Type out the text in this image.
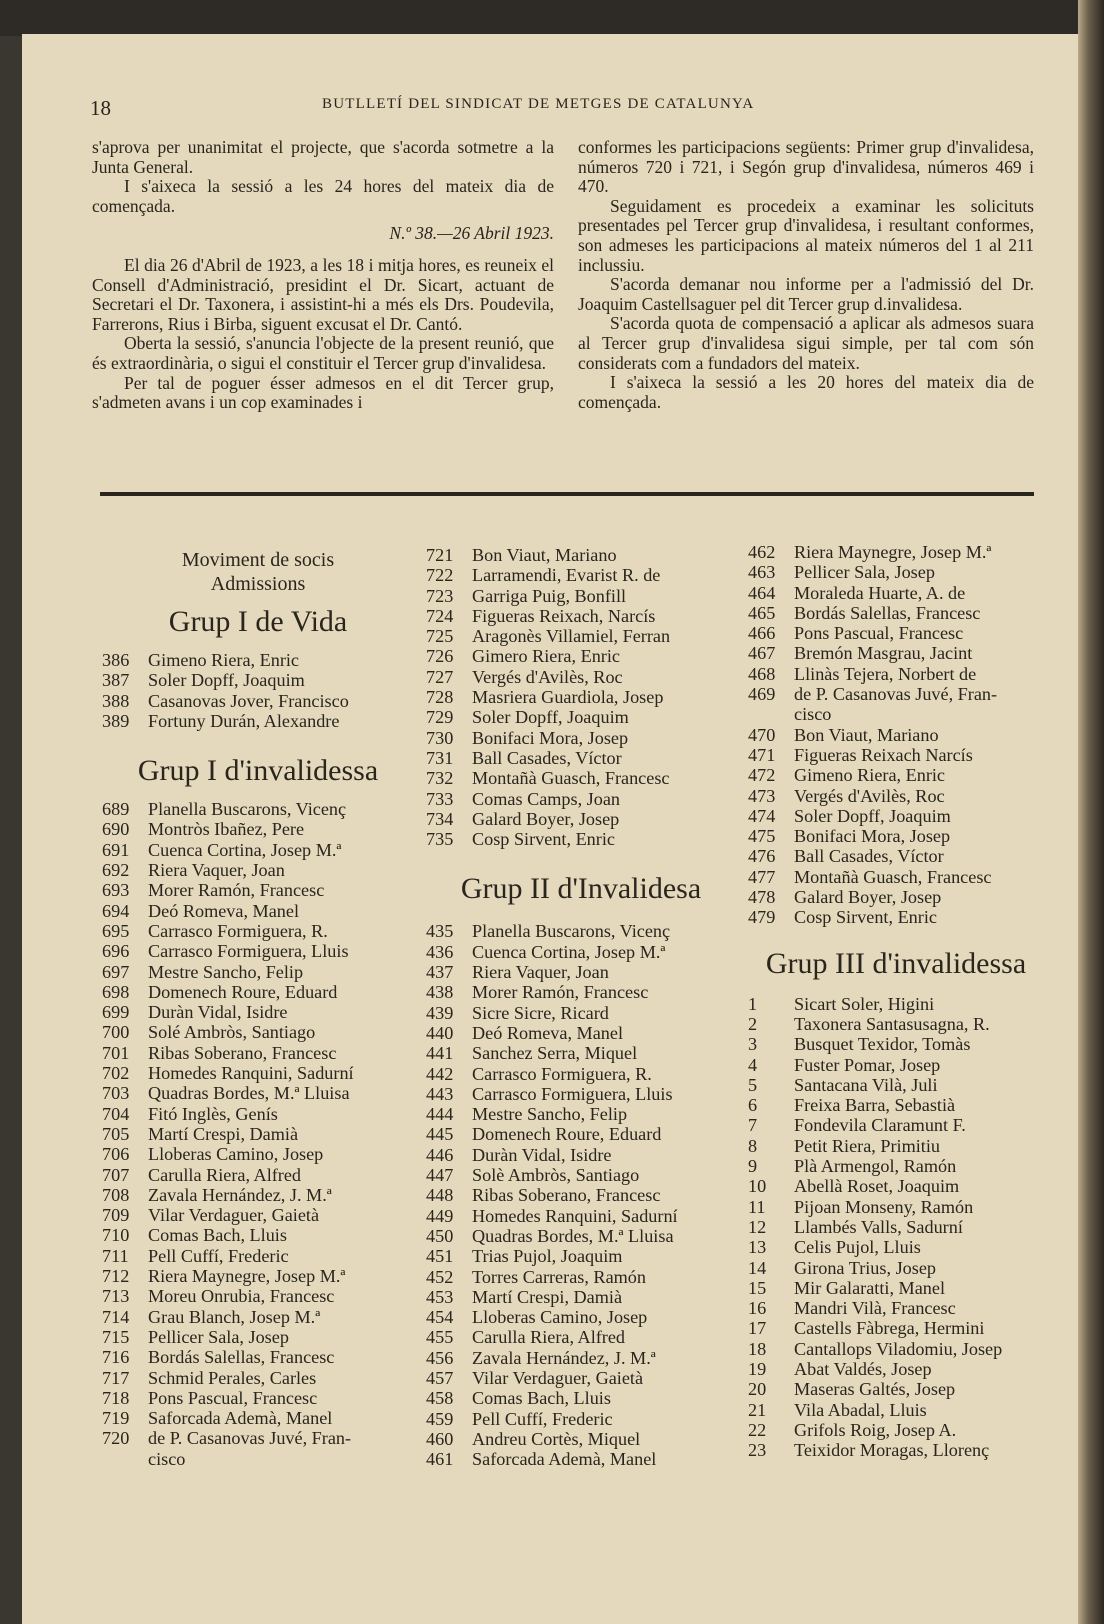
18	BUTLLETÍ DEL SINDICAT DE METGES DE CATALUNYA

s'aprova per unanimitat el projecte, que s'acorda sotmetre a la Junta General.

I s'aixeca la sessió a les 24 hores del mateix dia de començada.

N.º 38.—26 Abril 1923.

El dia 26 d'Abril de 1923, a les 18 i mitja hores, es reuneix el Consell d'Administració, presidint el Dr. Sicart, actuant de Secretari el Dr. Taxonera, i assistint-hi a més els Drs. Poudevila, Farrerons, Rius i Birba, siguent excusat el Dr. Cantó.

Oberta la sessió, s'anuncia l'objecte de la present reunió, que és extraordinària, o sigui el constituir el Tercer grup d'invalidesa.

Per tal de poguer ésser admesos en el dit Tercer grup, s'admeten avans i un cop examinades i

conformes les participacions següents: Primer grup d'invalidesa, números 720 i 721, i Segón grup d'invalidesa, números 469 i 470.

Seguidament es procedeix a examinar les solicituts presentades pel Tercer grup d'invalidesa, i resultant conformes, son admeses les participacions al mateix números del 1 al 211 inclussiu.

S'acorda demanar nou informe per a l'admissió del Dr. Joaquim Castellsaguer pel dit Tercer grup d.invalidesa.

S'acorda quota de compensació a aplicar als admesos suara al Tercer grup d'invalidesa sigui simple, per tal com són considerats com a fundadors del mateix.

I s'aixeca la sessió a les 20 hores del mateix dia de començada.

Moviment de socis
Admissions
Grup I de Vida
386	Gimeno Riera, Enric
387	Soler Dopff, Joaquim
388	Casanovas Jover, Francisco
389	Fortuny Durán, Alexandre
Grup I d'invalidessa
689	Planella Buscarons, Vicenç
690	Montròs Ibañez, Pere
691	Cuenca Cortina, Josep M.ª
692	Riera Vaquer, Joan
693	Morer Ramón, Francesc
694	Deó Romeva, Manel
695	Carrasco Formiguera, R.
696	Carrasco Formiguera, Lluis
697	Mestre Sancho, Felip
698	Domenech Roure, Eduard
699	Duràn Vidal, Isidre
700	Solé Ambròs, Santiago
701	Ribas Soberano, Francesc
702	Homedes Ranquini, Sadurní
703	Quadras Bordes, M.ª Lluisa
704	Fitó Inglès, Genís
705	Martí Crespi, Damià
706	Lloberas Camino, Josep
707	Carulla Riera, Alfred
708	Zavala Hernández, J. M.ª
709	Vilar Verdaguer, Gaietà
710	Comas Bach, Lluis
711	Pell Cuffí, Frederic
712	Riera Maynegre, Josep M.ª
713	Moreu Onrubia, Francesc
714	Grau Blanch, Josep M.ª
715	Pellicer Sala, Josep
716	Bordás Salellas, Francesc
717	Schmid Perales, Carles
718	Pons Pascual, Francesc
719	Saforcada Ademà, Manel
720	de P. Casanovas Juvé, Fran-
cisco
721	Bon Viaut, Mariano
722	Larramendi, Evarist R. de
723	Garriga Puig, Bonfill
724	Figueras Reixach, Narcís
725	Aragonès Villamiel, Ferran
726	Gimero Riera, Enric
727	Vergés d'Avilès, Roc
728	Masriera Guardiola, Josep
729	Soler Dopff, Joaquim
730	Bonifaci Mora, Josep
731	Ball Casades, Víctor
732	Montañà Guasch, Francesc
733	Comas Camps, Joan
734	Galard Boyer, Josep
735	Cosp Sirvent, Enric
Grup II d'Invalidesa
435	Planella Buscarons, Vicenç
436	Cuenca Cortina, Josep M.ª
437	Riera Vaquer, Joan
438	Morer Ramón, Francesc
439	Sicre Sicre, Ricard
440	Deó Romeva, Manel
441	Sanchez Serra, Miquel
442	Carrasco Formiguera, R.
443	Carrasco Formiguera, Lluis
444	Mestre Sancho, Felip
445	Domenech Roure, Eduard
446	Duràn Vidal, Isidre
447	Solè Ambròs, Santiago
448	Ribas Soberano, Francesc
449	Homedes Ranquini, Sadurní
450	Quadras Bordes, M.ª Lluisa
451	Trias Pujol, Joaquim
452	Torres Carreras, Ramón
453	Martí Crespi, Damià
454	Lloberas Camino, Josep
455	Carulla Riera, Alfred
456	Zavala Hernández, J. M.ª
457	Vilar Verdaguer, Gaietà
458	Comas Bach, Lluis
459	Pell Cuffí, Frederic
460	Andreu Cortès, Miquel
461	Saforcada Ademà, Manel
462	Riera Maynegre, Josep M.ª
463	Pellicer Sala, Josep
464	Moraleda Huarte, A. de
465	Bordás Salellas, Francesc
466	Pons Pascual, Francesc
467	Bremón Masgrau, Jacint
468	Llinàs Tejera, Norbert de
469	de P. Casanovas Juvé, Fran-
cisco
470	Bon Viaut, Mariano
471	Figueras Reixach Narcís
472	Gimeno Riera, Enric
473	Vergés d'Avilès, Roc
474	Soler Dopff, Joaquim
475	Bonifaci Mora, Josep
476	Ball Casades, Víctor
477	Montañà Guasch, Francesc
478	Galard Boyer, Josep
479	Cosp Sirvent, Enric
Grup III d'invalidessa
1	Sicart Soler, Higini
2	Taxonera Santasusagna, R.
3	Busquet Texidor, Tomàs
4	Fuster Pomar, Josep
5	Santacana Vilà, Juli
6	Freixa Barra, Sebastià
7	Fondevila Claramunt F.
8	Petit Riera, Primitiu
9	Plà Armengol, Ramón
10	Abellà Roset, Joaquim
11	Pijoan Monseny, Ramón
12	Llambés Valls, Sadurní
13	Celis Pujol, Lluis
14	Girona Trius, Josep
15	Mir Galaratti, Manel
16	Mandri Vilà, Francesc
17	Castells Fàbrega, Hermini
18	Cantallops Viladomiu, Josep
19	Abat Valdés, Josep
20	Maseras Galtés, Josep
21	Vila Abadal, Lluis
22	Grifols Roig, Josep A.
23	Teixidor Moragas, Llorenç
